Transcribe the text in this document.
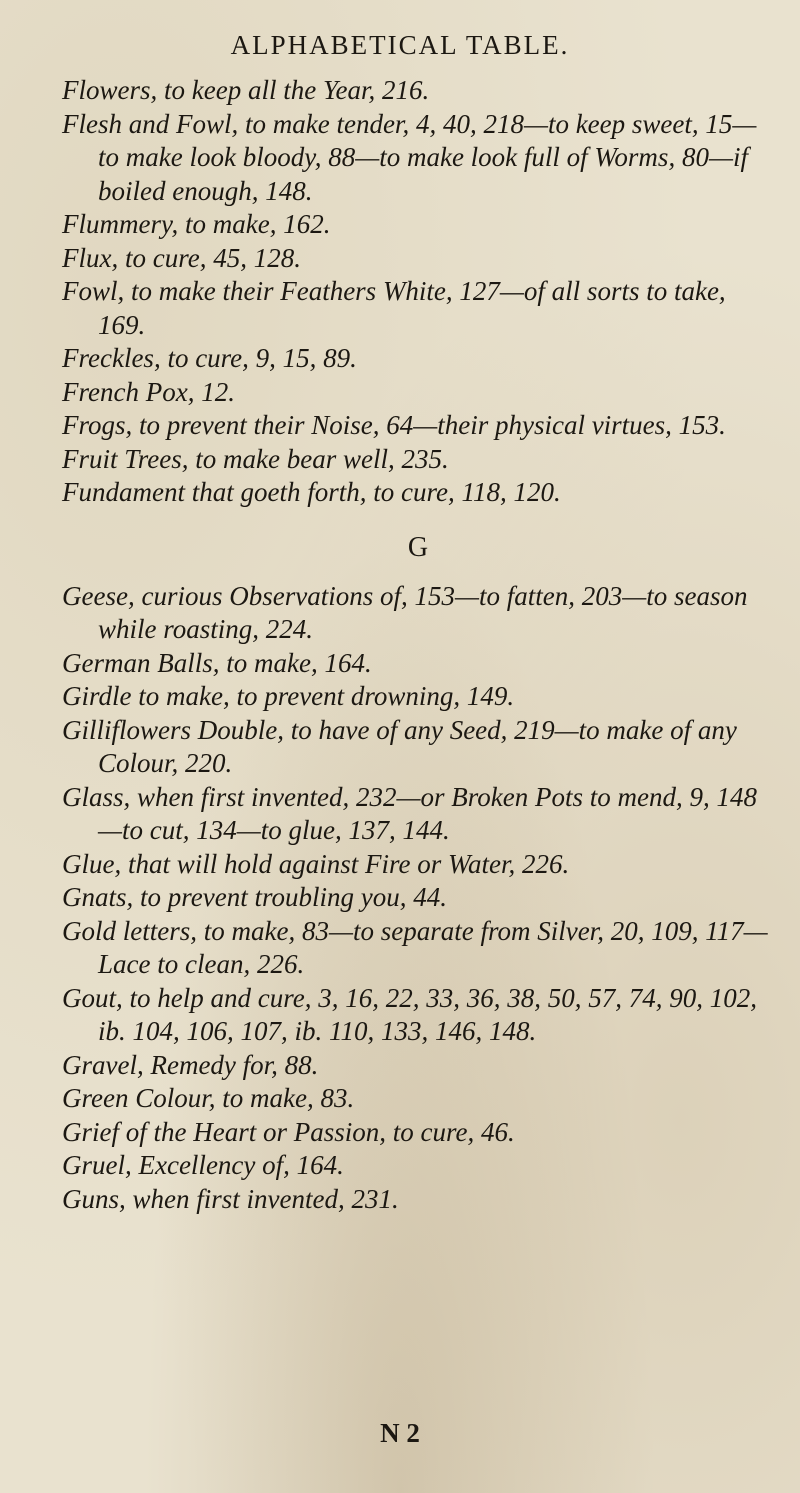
ALPHABETICAL TABLE.
Flowers, to keep all the Year, 216.
Flesh and Fowl, to make tender, 4, 40, 218—to keep sweet, 15—to make look bloody, 88—to make look full of Worms, 80—if boiled enough, 148.
Flummery, to make, 162.
Flux, to cure, 45, 128.
Fowl, to make their Feathers White, 127—of all sorts to take, 169.
Freckles, to cure, 9, 15, 89.
French Pox, 12.
Frogs, to prevent their Noise, 64—their physical virtues, 153.
Fruit Trees, to make bear well, 235.
Fundament that goeth forth, to cure, 118, 120.
G
Geese, curious Observations of, 153—to fatten, 203—to season while roasting, 224.
German Balls, to make, 164.
Girdle to make, to prevent drowning, 149.
Gilliflowers Double, to have of any Seed, 219—to make of any Colour, 220.
Glass, when first invented, 232—or Broken Pots to mend, 9, 148—to cut, 134—to glue, 137, 144.
Glue, that will hold against Fire or Water, 226.
Gnats, to prevent troubling you, 44.
Gold letters, to make, 83—to separate from Silver, 20, 109, 117—Lace to clean, 226.
Gout, to help and cure, 3, 16, 22, 33, 36, 38, 50, 57, 74, 90, 102, ib. 104, 106, 107, ib. 110, 133, 146, 148.
Gravel, Remedy for, 88.
Green Colour, to make, 83.
Grief of the Heart or Passion, to cure, 46.
Gruel, Excellency of, 164.
Guns, when first invented, 231.
N 2
